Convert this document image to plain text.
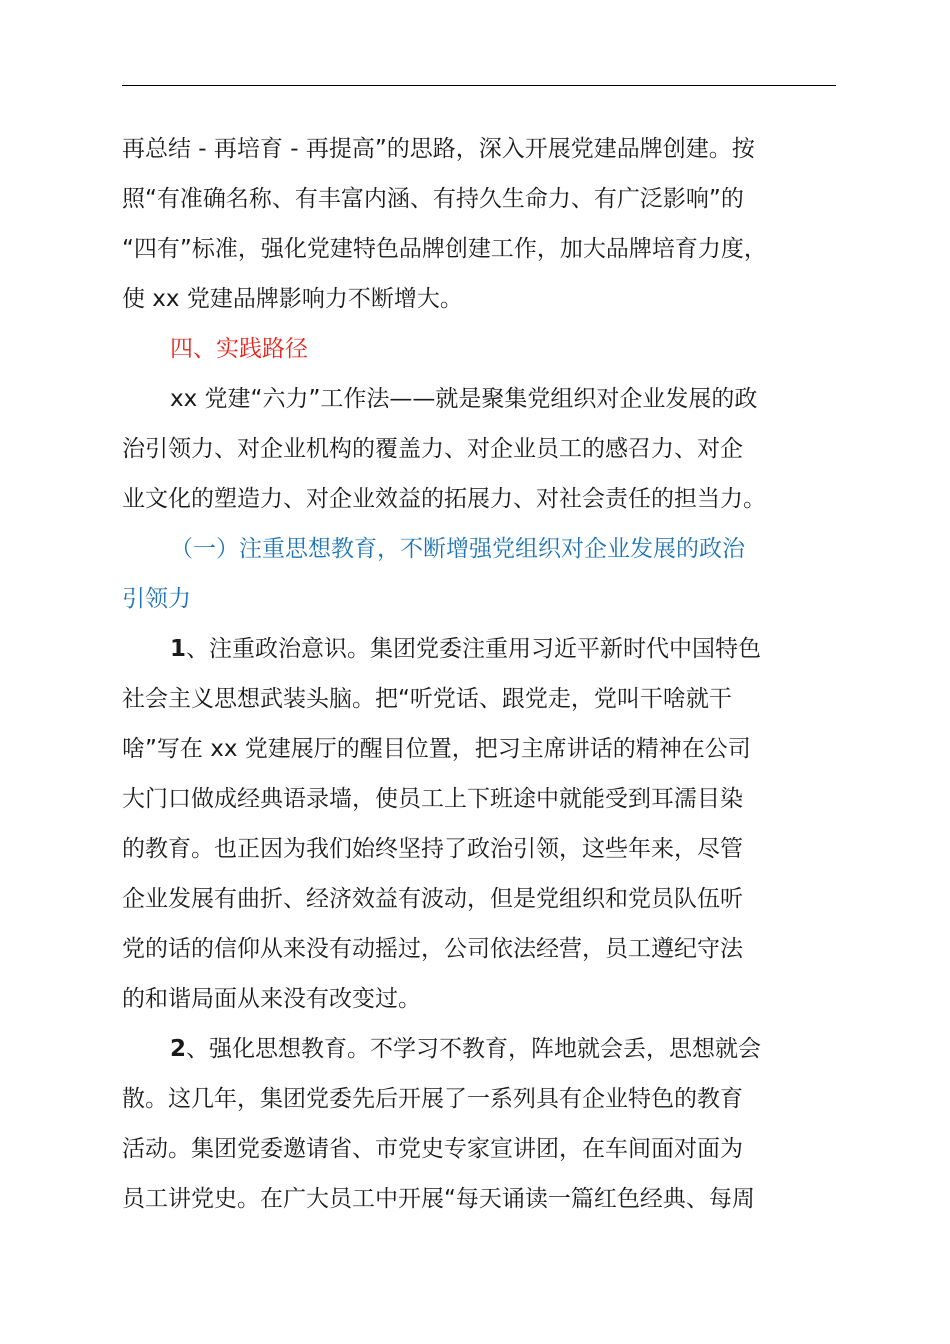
再总结 - 再培育 - 再提高”的思路，深入开展党建品牌创建。按
照“有准确名称、有丰富内涵、有持久生命力、有广泛影响”的
“四有”标准，强化党建特色品牌创建工作，加大品牌培育力度，
使 xx 党建品牌影响力不断增大。
四、实践路径
xx 党建“六力”工作法——就是聚集党组织对企业发展的政
治引领力、对企业机构的覆盖力、对企业员工的感召力、对企
业文化的塑造力、对企业效益的拓展力、对社会责任的担当力。
（一）注重思想教育，不断增强党组织对企业发展的政治
引领力
1、注重政治意识。集团党委注重用习近平新时代中国特色
社会主义思想武装头脑。把“听党话、跟党走，党叫干啥就干
啥”写在 xx 党建展厅的醒目位置，把习主席讲话的精神在公司
大门口做成经典语录墙，使员工上下班途中就能受到耳濡目染
的教育。也正因为我们始终坚持了政治引领，这些年来，尽管
企业发展有曲折、经济效益有波动，但是党组织和党员队伍听
党的话的信仰从来没有动摇过，公司依法经营，员工遵纪守法
的和谐局面从来没有改变过。
2、强化思想教育。不学习不教育，阵地就会丢，思想就会
散。这几年，集团党委先后开展了一系列具有企业特色的教育
活动。集团党委邀请省、市党史专家宣讲团，在车间面对面为
员工讲党史。在广大员工中开展“每天诵读一篇红色经典、每周
